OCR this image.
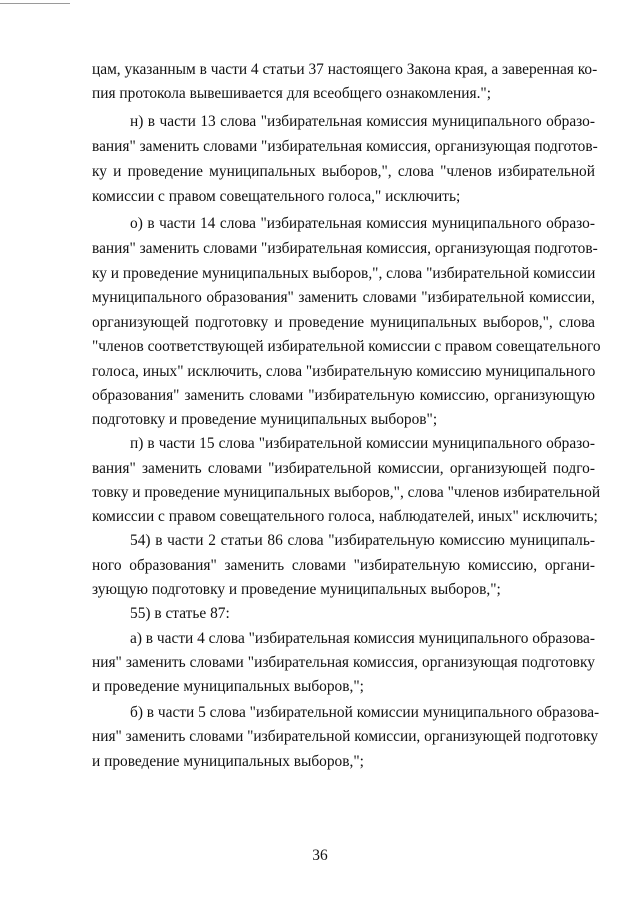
цам, указанным в части 4 статьи 37 настоящего Закона края, а заверенная ко-
пия протокола вывешивается для всеобщего ознакомления.";
н) в части 13 слова "избирательная комиссия муниципального образо-
вания" заменить словами "избирательная комиссия, организующая подготов-
ку и проведение муниципальных выборов,", слова "членов избирательной
комиссии с правом совещательного голоса," исключить;
о) в части 14 слова "избирательная комиссия муниципального образо-
вания" заменить словами "избирательная комиссия, организующая подготов-
ку и проведение муниципальных выборов,", слова "избирательной комиссии
муниципального образования" заменить словами "избирательной комиссии,
организующей подготовку и проведение муниципальных выборов,", слова
"членов соответствующей избирательной комиссии с правом совещательного
голоса, иных" исключить, слова "избирательную комиссию муниципального
образования" заменить словами "избирательную комиссию, организующую
подготовку и проведение муниципальных выборов";
п) в части 15 слова "избирательной комиссии муниципального образо-
вания" заменить словами "избирательной комиссии, организующей подго-
товку и проведение муниципальных выборов,", слова "членов избирательной
комиссии с правом совещательного голоса, наблюдателей, иных" исключить;
54) в части 2 статьи 86 слова "избирательную комиссию муниципаль-
ного образования" заменить словами "избирательную комиссию, органи-
зующую подготовку и проведение муниципальных выборов,";
55) в статье 87:
а) в части 4 слова "избирательная комиссия муниципального образова-
ния" заменить словами "избирательная комиссия, организующая подготовку
и проведение муниципальных выборов,";
б) в части 5 слова "избирательной комиссии муниципального образова-
ния" заменить словами "избирательной комиссии, организующей подготовку
и проведение муниципальных выборов,";
36
